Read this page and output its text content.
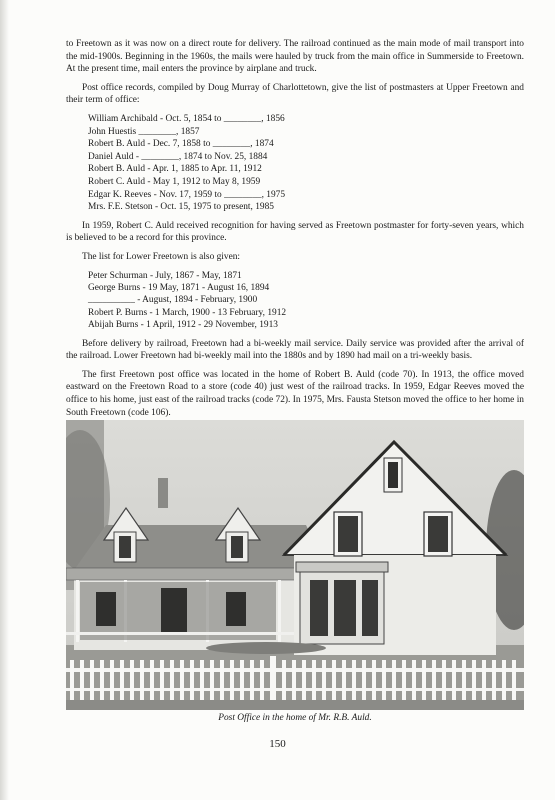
to Freetown as it was now on a direct route for delivery. The railroad continued as the main mode of mail transport into the mid-1900s. Beginning in the 1960s, the mails were hauled by truck from the main office in Summerside to Freetown. At the present time, mail enters the province by airplane and truck.

Post office records, compiled by Doug Murray of Charlottetown, give the list of postmasters at Upper Freetown and their term of office:

William Archibald - Oct. 5, 1854 to ________, 1856
John Huestis ________, 1857
Robert B. Auld - Dec. 7, 1858 to ________, 1874
Daniel Auld - ________, 1874 to Nov. 25, 1884
Robert B. Auld - Apr. 1, 1885 to Apr. 11, 1912
Robert C. Auld - May 1, 1912 to May 8, 1959
Edgar K. Reeves - Nov. 17, 1959 to ________, 1975
Mrs. F.E. Stetson - Oct. 15, 1975 to present, 1985

In 1959, Robert C. Auld received recognition for having served as Freetown postmaster for forty-seven years, which is believed to be a record for this province.

The list for Lower Freetown is also given:

Peter Schurman - July, 1867 - May, 1871
George Burns - 19 May, 1871 - August 16, 1894
__________ - August, 1894 - February, 1900
Robert P. Burns - 1 March, 1900 - 13 February, 1912
Abijah Burns - 1 April, 1912 - 29 November, 1913

Before delivery by railroad, Freetown had a bi-weekly mail service. Daily service was provided after the arrival of the railroad. Lower Freetown had bi-weekly mail into the 1880s and by 1890 had mail on a tri-weekly basis.

The first Freetown post office was located in the home of Robert B. Auld (code 70). In 1913, the office moved eastward on the Freetown Road to a store (code 40) just west of the railroad tracks. In 1959, Edgar Reeves moved the office to his home, just east of the railroad tracks (code 72). In 1975, Mrs. Fausta Stetson moved the office to her home in South Freetown (code 106).

Post Office in the home of Mr. R.B. Auld.
150
